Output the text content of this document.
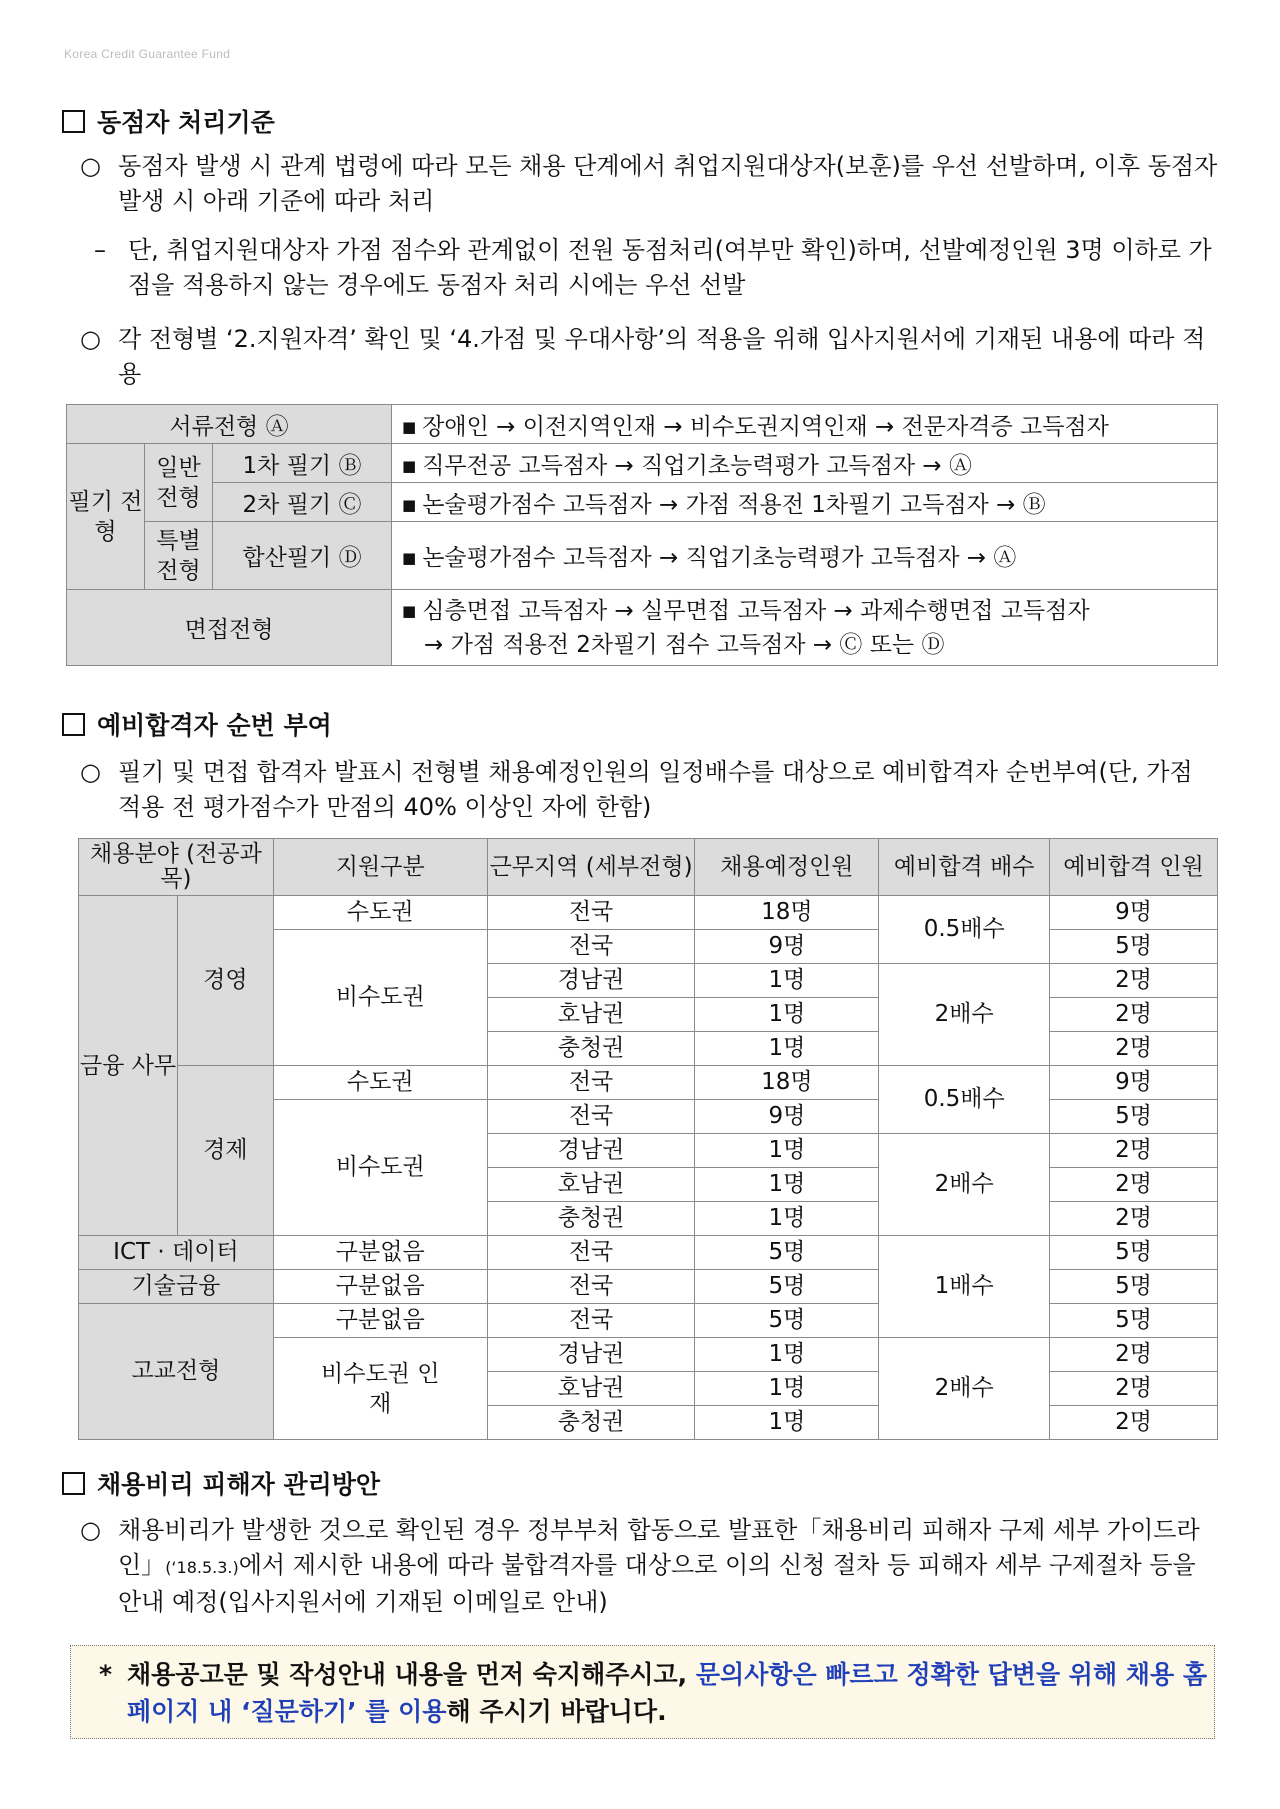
Korea Credit Guarantee Fund
동점자 처리기준
○ 동점자 발생 시 관계 법령에 따라 모든 채용 단계에서 취업지원대상자(보훈)를 우선 선발하며, 이후 동점자 발생 시 아래 기준에 따라 처리
– 단, 취업지원대상자 가점 점수와 관계없이 전원 동점처리(여부만 확인)하며, 선발예정인원 3명 이하로 가점을 적용하지 않는 경우에도 동점자 처리 시에는 우선 선발
○ 각 전형별 ‘2.지원자격’ 확인 및 ‘4.가점 및 우대사항’의 적용을 위해 입사지원서에 기재된 내용에 따라 적용
서류전형 Ⓐ			■ 장애인 → 이전지역인재 → 비수도권지역인재 → 전문자격증 고득점자
필기 전형	일반 전형	1차 필기 Ⓑ	■ 직무전공 고득점자 → 직업기초능력평가 고득점자 → Ⓐ
		2차 필기 Ⓒ	■ 논술평가점수 고득점자 → 가점 적용전 1차필기 고득점자 → Ⓑ
	특별 전형	합산필기 Ⓓ	■ 논술평가점수 고득점자 → 직업기초능력평가 고득점자 → Ⓐ
면접전형			■ 심층면접 고득점자 → 실무면접 고득점자 → 과제수행면접 고득점자
→ 가점 적용전 2차필기 점수 고득점자 → Ⓒ 또는 Ⓓ
예비합격자 순번 부여
○ 필기 및 면접 합격자 발표시 전형별 채용예정인원의 일정배수를 대상으로 예비합격자 순번부여(단, 가점 적용 전 평가점수가 만점의 40% 이상인 자에 한함)
채용분야 (전공과목)		지원구분	근무지역 (세부전형)	채용예정인원	예비합격 배수	예비합격 인원
금융 사무	경영	수도권	전국	18명	0.5배수	9명
		비수도권	전국	9명		5명
			경남권	1명	2배수	2명
			호남권	1명		2명
			충청권	1명		2명
	경제	수도권	전국	18명	0.5배수	9명
		비수도권	전국	9명		5명
			경남권	1명	2배수	2명
			호남권	1명		2명
			충청권	1명		2명
ICT · 데이터		구분없음	전국	5명	1배수	5명
기술금융		구분없음	전국	5명		5명
고교전형		구분없음	전국	5명		5명
		비수도권 인재	경남권	1명	2배수	2명
			호남권	1명		2명
			충청권	1명		2명
채용비리 피해자 관리방안
○ 채용비리가 발생한 것으로 확인된 경우 정부부처 합동으로 발표한「채용비리 피해자 구제 세부 가이드라인」(‘18.5.3.)에서 제시한 내용에 따라 불합격자를 대상으로 이의 신청 절차 등 피해자 세부 구제절차 등을 안내 예정(입사지원서에 기재된 이메일로 안내)
* 채용공고문 및 작성안내 내용을 먼저 숙지해주시고, 문의사항은 빠르고 정확한 답변을 위해 채용 홈페이지 내 ‘질문하기’ 를 이용해 주시기 바랍니다.
